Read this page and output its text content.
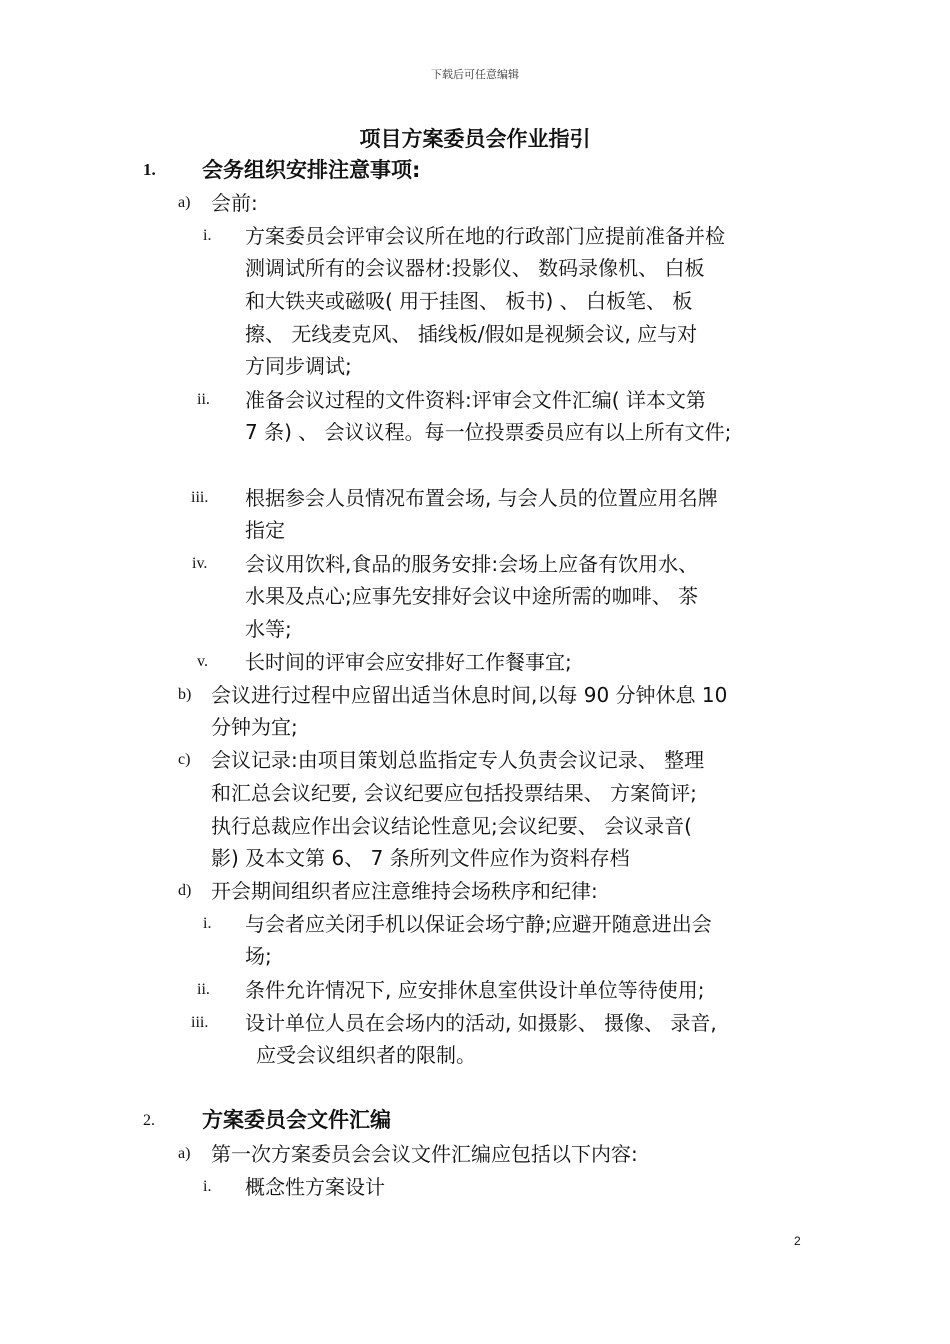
下载后可任意编辑
项目方案委员会作业指引
1. 会务组织安排注意事项:
a) 会前:
i. 方案委员会评审会议所在地的行政部门应提前准备并检
测调试所有的会议器材:投影仪、 数码录像机、 白板
和大铁夹或磁吸( 用于挂图、 板书) 、 白板笔、 板
擦、 无线麦克风、 插线板/假如是视频会议, 应与对
方同步调试;
ii. 准备会议过程的文件资料:评审会文件汇编( 详本文第
7 条) 、 会议议程。每一位投票委员应有以上所有文件;
iii. 根据参会人员情况布置会场, 与会人员的位置应用名牌
指定
iv. 会议用饮料,食品的服务安排:会场上应备有饮用水、
水果及点心;应事先安排好会议中途所需的咖啡、 茶
水等;
v. 长时间的评审会应安排好工作餐事宜;
b) 会议进行过程中应留出适当休息时间,以每 90 分钟休息 10
分钟为宜;
c) 会议记录:由项目策划总监指定专人负责会议记录、 整理
和汇总会议纪要, 会议纪要应包括投票结果、 方案简评;
执行总裁应作出会议结论性意见;会议纪要、 会议录音(
影) 及本文第 6、 7 条所列文件应作为资料存档
d) 开会期间组织者应注意维持会场秩序和纪律:
i. 与会者应关闭手机以保证会场宁静;应避开随意进出会
场;
ii. 条件允许情况下, 应安排休息室供设计单位等待使用;
iii. 设计单位人员在会场内的活动, 如摄影、 摄像、 录音,
应受会议组织者的限制。
2. 方案委员会文件汇编
a) 第一次方案委员会会议文件汇编应包括以下内容:
i. 概念性方案设计
2
